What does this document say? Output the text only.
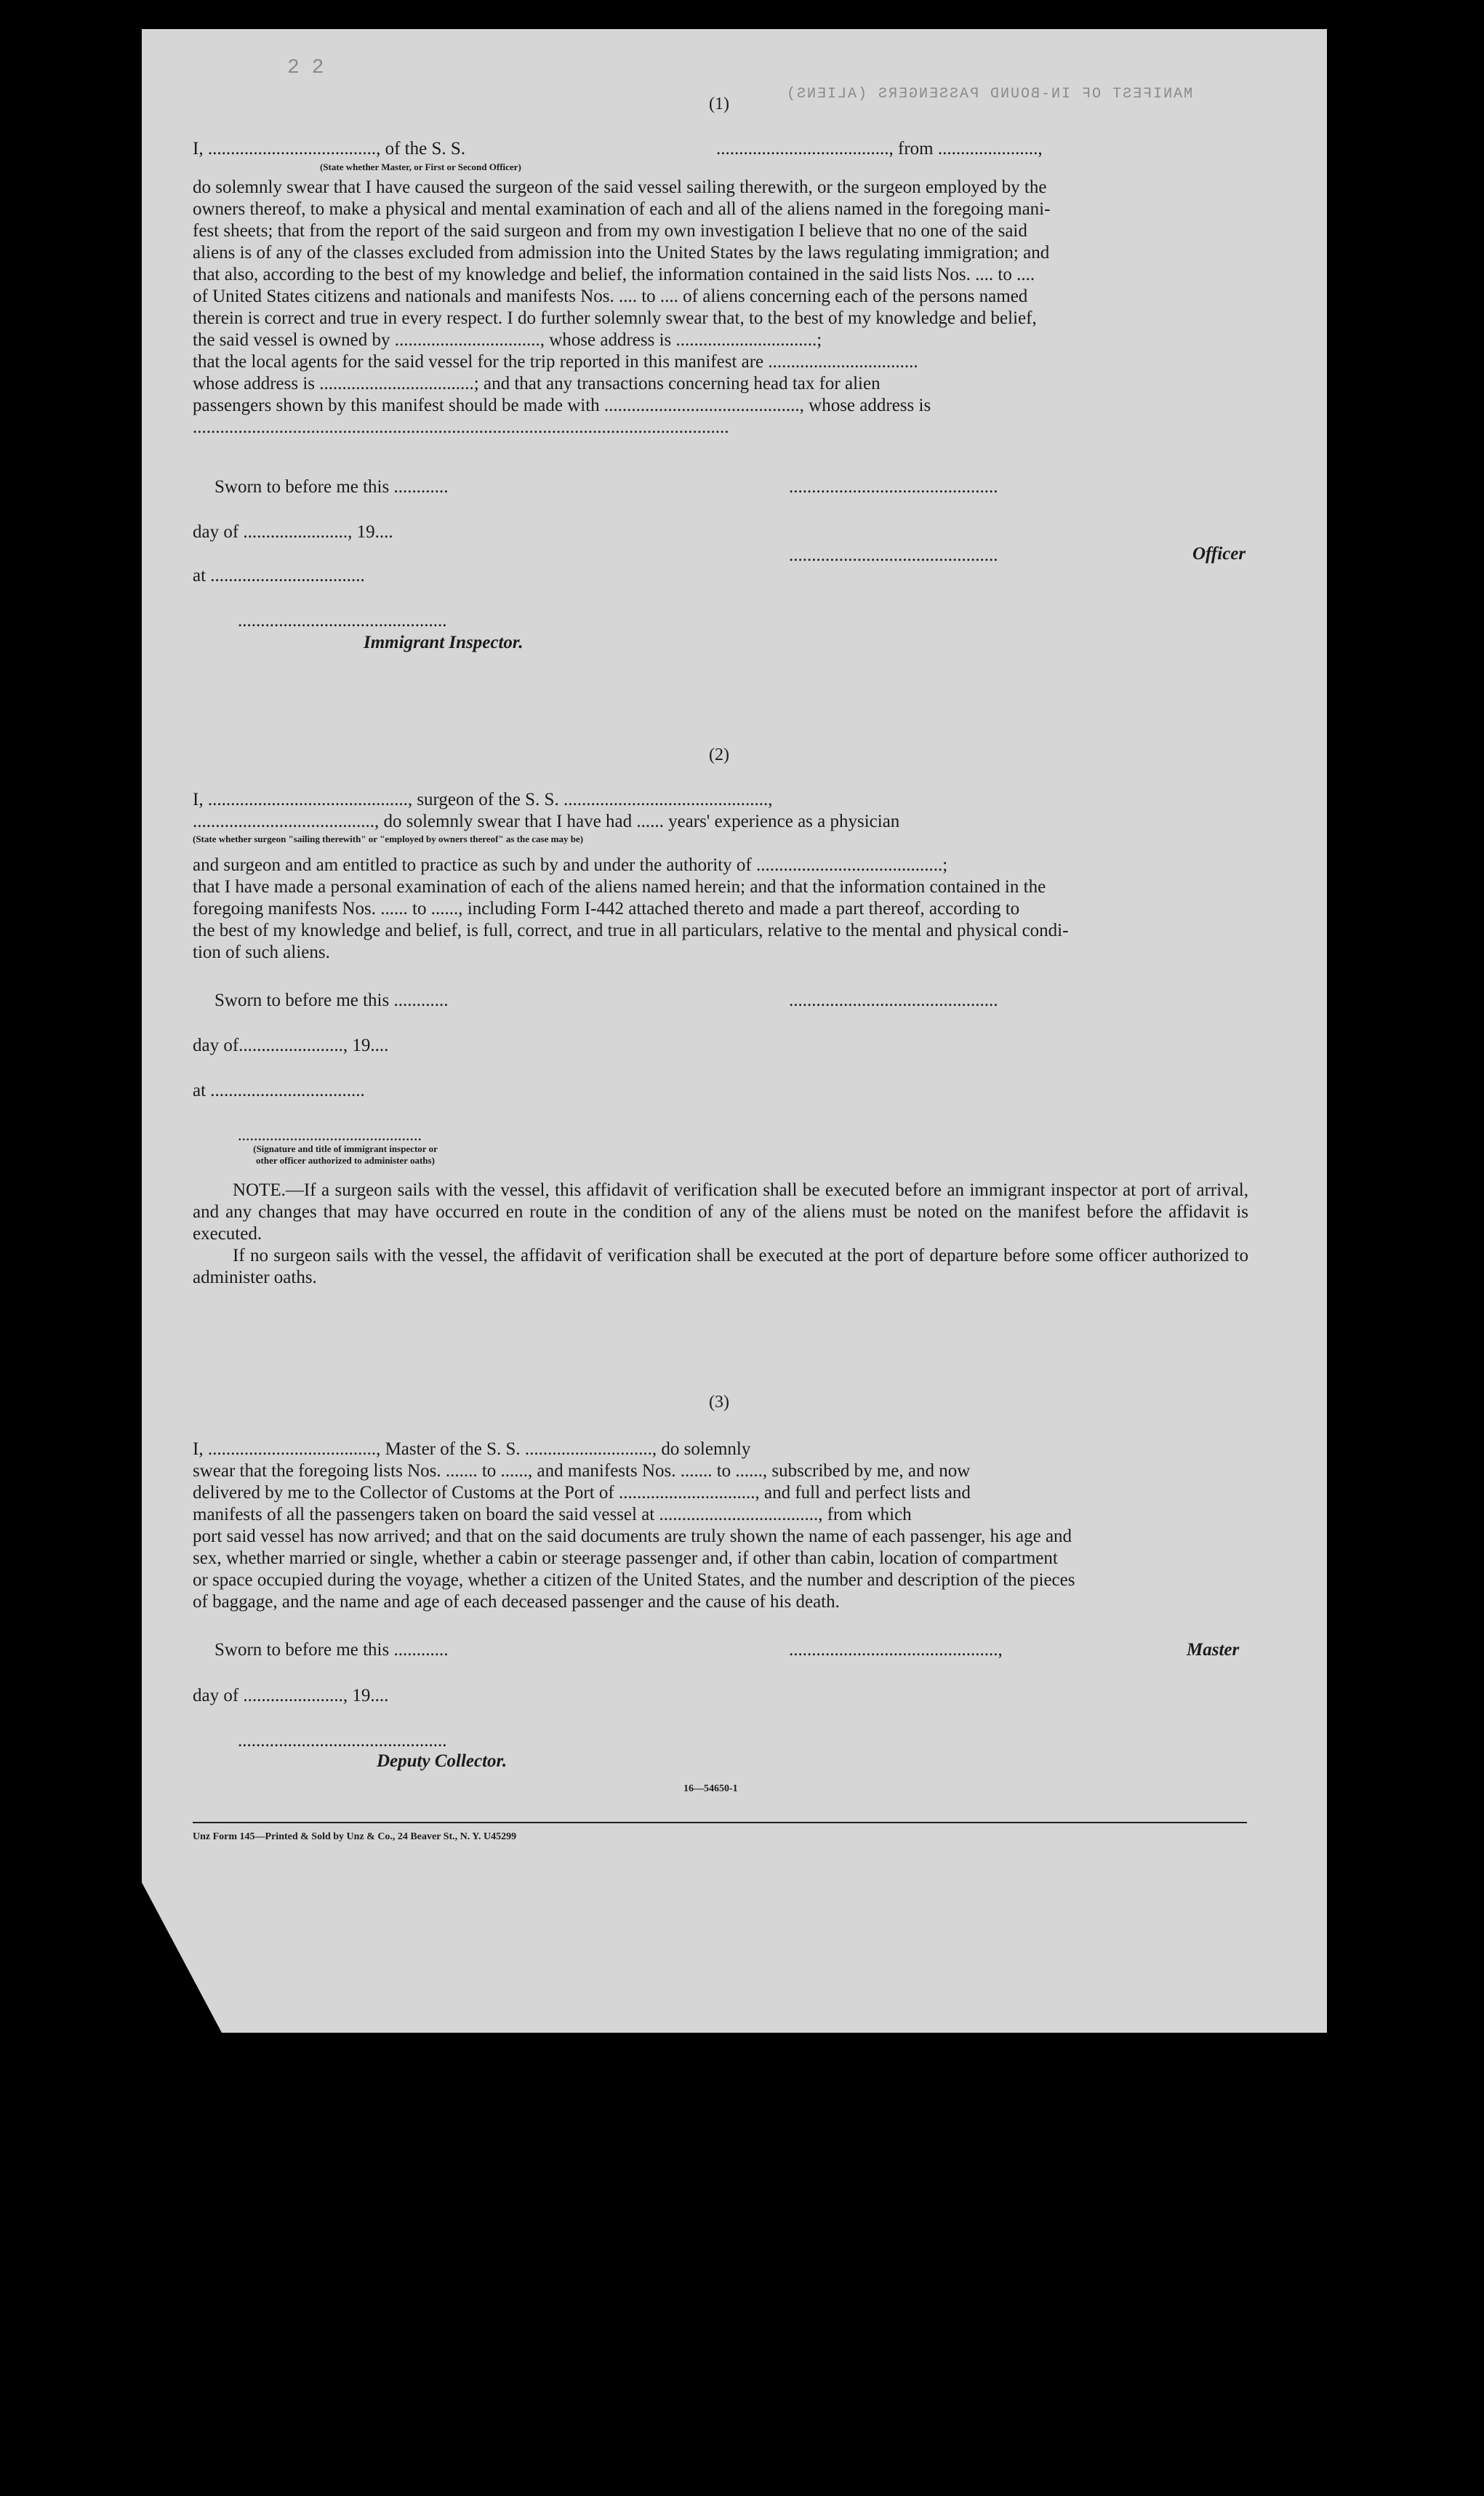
2 2
MANIFEST OF IN-BOUND PASSENGERS (ALIENS)
(1)
I, ....................................., of the S. S.	......................................, from ......................,
(State whether Master, or First or Second Officer)
do solemnly swear that I have caused the surgeon of the said vessel sailing therewith, or the surgeon employed by the
owners thereof, to make a physical and mental examination of each and all of the aliens named in the foregoing mani-
fest sheets; that from the report of the said surgeon and from my own investigation I believe that no one of the said
aliens is of any of the classes excluded from admission into the United States by the laws regulating immigration; and
that also, according to the best of my knowledge and belief, the information contained in the said lists Nos. .... to ....
of United States citizens and nationals and manifests Nos. .... to .... of aliens concerning each of the persons named
therein is correct and true in every respect. I do further solemnly swear that, to the best of my knowledge and belief,
the said vessel is owned by ................................, whose address is ...............................;
that the local agents for the said vessel for the trip reported in this manifest are .................................
whose address is ..................................; and that any transactions concerning head tax for alien
passengers shown by this manifest should be made with ..........................................., whose address is
......................................................................................................................
Sworn to before me this ............	..............................................
day of ......................., 19....
..............................................	Officer
at ..................................
..............................................
Immigrant Inspector.
(2)
I, ............................................, surgeon of the S. S. .............................................,
........................................, do solemnly swear that I have had ...... years' experience as a physician
(State whether surgeon "sailing therewith" or "employed by owners thereof" as the case may be)
and surgeon and am entitled to practice as such by and under the authority of .........................................;
that I have made a personal examination of each of the aliens named herein; and that the information contained in the
foregoing manifests Nos. ...... to ......, including Form I-442 attached thereto and made a part thereof, according to
the best of my knowledge and belief, is full, correct, and true in all particulars, relative to the mental and physical condi-
tion of such aliens.
Sworn to before me this ............	..............................................
day of......................., 19....
at ..................................
..............................................
(Signature and title of immigrant inspector or
other officer authorized to administer oaths)
NOTE.—If a surgeon sails with the vessel, this affidavit of verification shall be executed before an immigrant inspector at port of arrival, and any changes that may have occurred en route in the condition of any of the aliens must be noted on the manifest before the affidavit is executed.
If no surgeon sails with the vessel, the affidavit of verification shall be executed at the port of departure before some officer authorized to administer oaths.
(3)
I, ....................................., Master of the S. S. ............................, do solemnly
swear that the foregoing lists Nos. ....... to ......, and manifests Nos. ....... to ......, subscribed by me, and now
delivered by me to the Collector of Customs at the Port of .............................., and full and perfect lists and
manifests of all the passengers taken on board the said vessel at ..................................., from which
port said vessel has now arrived; and that on the said documents are truly shown the name of each passenger, his age and
sex, whether married or single, whether a cabin or steerage passenger and, if other than cabin, location of compartment
or space occupied during the voyage, whether a citizen of the United States, and the number and description of the pieces
of baggage, and the name and age of each deceased passenger and the cause of his death.
Sworn to before me this ............	..............................................,	Master
day of ......................, 19....
..............................................
Deputy Collector.
16—54650-1
Unz Form 145—Printed & Sold by Unz & Co., 24 Beaver St., N. Y. U45299
